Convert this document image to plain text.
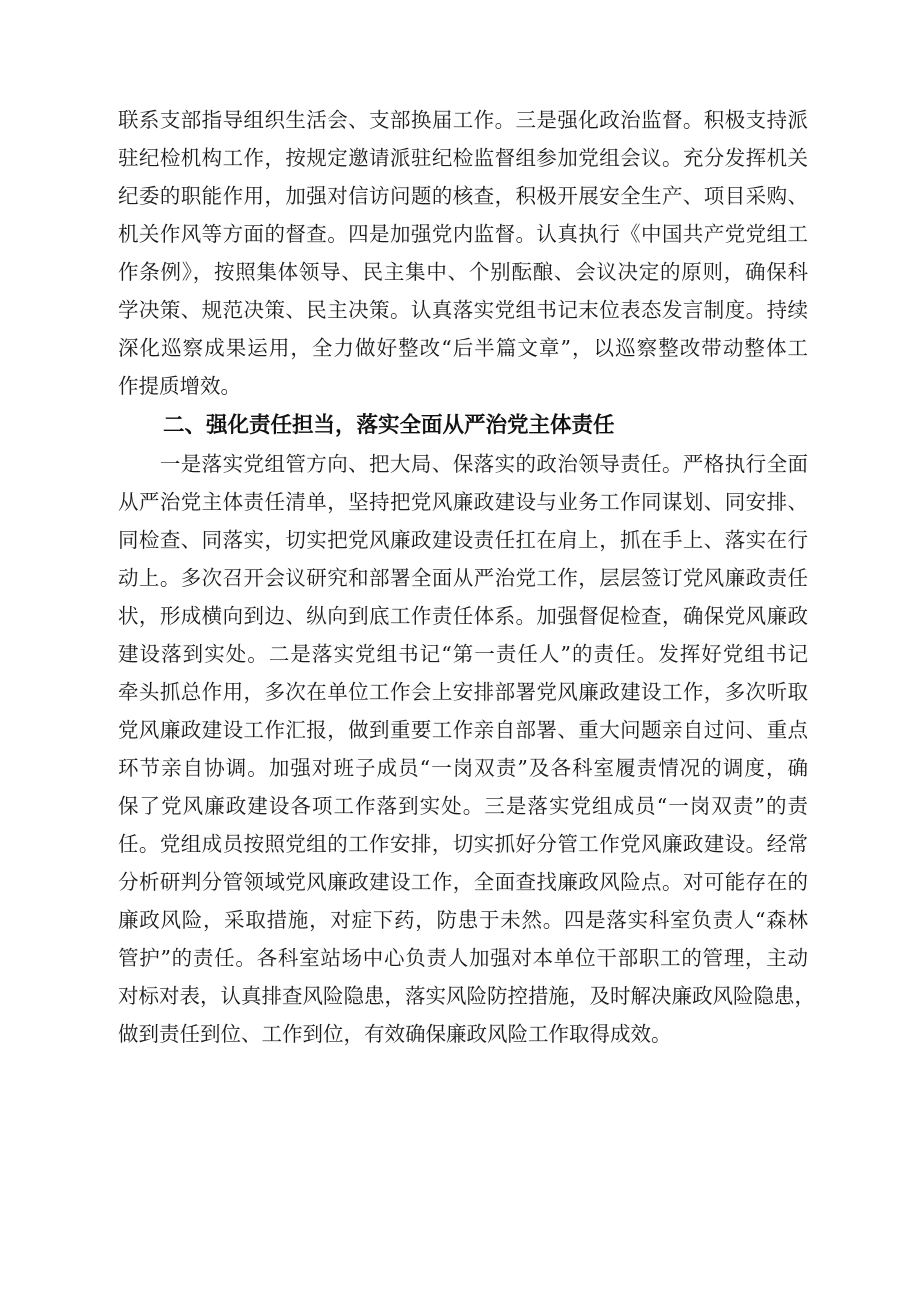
联系支部指导组织生活会、支部换届工作。三是强化政治监督。积极支持派
驻纪检机构工作，按规定邀请派驻纪检监督组参加党组会议。充分发挥机关
纪委的职能作用，加强对信访问题的核查，积极开展安全生产、项目采购、
机关作风等方面的督查。四是加强党内监督。认真执行《中国共产党党组工
作条例》，按照集体领导、民主集中、个别酝酿、会议决定的原则，确保科
学决策、规范决策、民主决策。认真落实党组书记末位表态发言制度。持续
深化巡察成果运用，全力做好整改“后半篇文章”，以巡察整改带动整体工
作提质增效。
二、强化责任担当，落实全面从严治党主体责任
　　一是落实党组管方向、把大局、保落实的政治领导责任。严格执行全面
从严治党主体责任清单，坚持把党风廉政建设与业务工作同谋划、同安排、
同检查、同落实，切实把党风廉政建设责任扛在肩上，抓在手上、落实在行
动上。多次召开会议研究和部署全面从严治党工作，层层签订党风廉政责任
状，形成横向到边、纵向到底工作责任体系。加强督促检查，确保党风廉政
建设落到实处。二是落实党组书记“第一责任人”的责任。发挥好党组书记
牵头抓总作用，多次在单位工作会上安排部署党风廉政建设工作，多次听取
党风廉政建设工作汇报，做到重要工作亲自部署、重大问题亲自过问、重点
环节亲自协调。加强对班子成员“一岗双责”及各科室履责情况的调度，确
保了党风廉政建设各项工作落到实处。三是落实党组成员“一岗双责”的责
任。党组成员按照党组的工作安排，切实抓好分管工作党风廉政建设。经常
分析研判分管领域党风廉政建设工作，全面查找廉政风险点。对可能存在的
廉政风险，采取措施，对症下药，防患于未然。四是落实科室负责人“森林
管护”的责任。各科室站场中心负责人加强对本单位干部职工的管理，主动
对标对表，认真排查风险隐患，落实风险防控措施，及时解决廉政风险隐患，
做到责任到位、工作到位，有效确保廉政风险工作取得成效。
